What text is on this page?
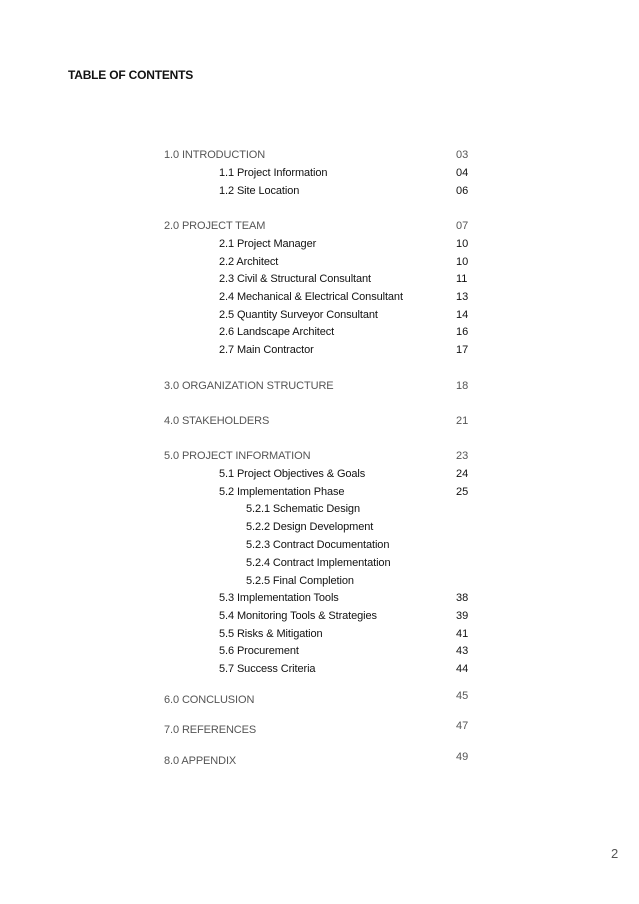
TABLE OF CONTENTS
1.0 INTRODUCTION	03
1.1 Project Information	04
1.2 Site Location	06
2.0 PROJECT TEAM	07
2.1 Project Manager	10
2.2 Architect	10
2.3 Civil & Structural Consultant	11
2.4 Mechanical & Electrical Consultant	13
2.5 Quantity Surveyor Consultant	14
2.6 Landscape Architect	16
2.7 Main Contractor	17
3.0 ORGANIZATION STRUCTURE	18
4.0 STAKEHOLDERS	21
5.0 PROJECT INFORMATION	23
5.1 Project Objectives & Goals	24
5.2 Implementation Phase	25
5.2.1 Schematic Design
5.2.2 Design Development
5.2.3 Contract Documentation
5.2.4 Contract Implementation
5.2.5 Final Completion
5.3 Implementation Tools	38
5.4 Monitoring Tools & Strategies	39
5.5 Risks & Mitigation	41
5.6 Procurement	43
5.7 Success Criteria	44
6.0 CONCLUSION	45
7.0 REFERENCES	47
8.0 APPENDIX	49
2
